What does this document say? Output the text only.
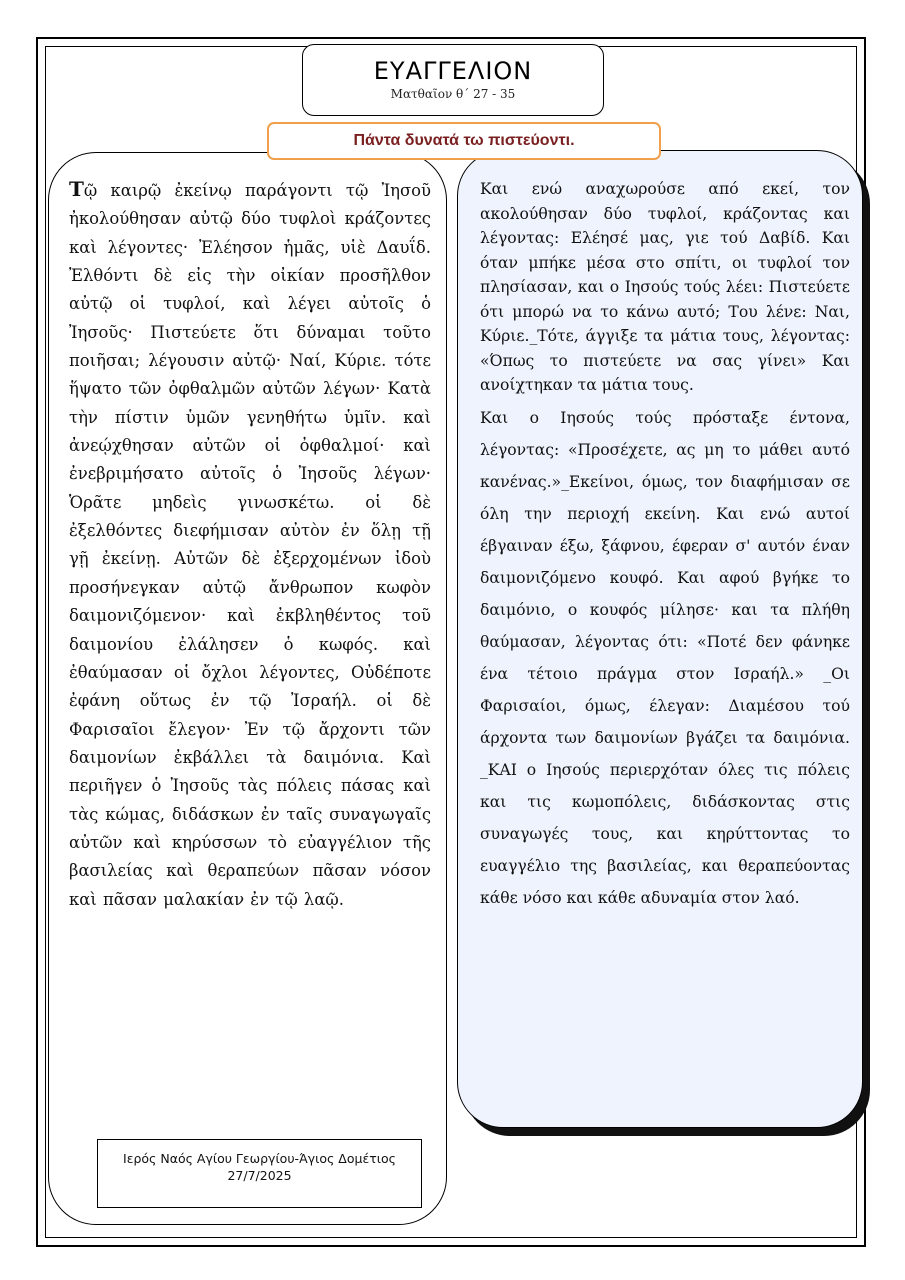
ΕΥΑΓΓΕΛΙΟΝ
Ματθαῖον θ΄ 27 - 35

Τῷ καιρῷ ἐκείνῳ παράγοντι τῷ Ἰησοῦ ἠκολούθησαν αὐτῷ δύο τυφλοὶ κράζοντες καὶ λέγοντες· Ἐλέησον ἡμᾶς, υἱὲ Δαυΐδ. Ἐλθόντι δὲ εἰς τὴν οἰκίαν προσῆλθον αὐτῷ οἱ τυφλοί, καὶ λέγει αὐτοῖς ὁ Ἰησοῦς· Πιστεύετε ὅτι δύναμαι τοῦτο ποιῆσαι; λέγουσιν αὐτῷ· Ναί, Κύριε. τότε ἥψατο τῶν ὀφθαλμῶν αὐτῶν λέγων· Κατὰ τὴν πίστιν ὑμῶν γενηθήτω ὑμῖν. καὶ ἀνεῴχθησαν αὐτῶν οἱ ὀφθαλμοί· καὶ ἐνεβριμήσατο αὐτοῖς ὁ Ἰησοῦς λέγων· Ὁρᾶτε μηδεὶς γινωσκέτω. οἱ δὲ ἐξελθόντες διεφήμισαν αὐτὸν ἐν ὅλῃ τῇ γῇ ἐκείνῃ. Αὐτῶν δὲ ἐξερχομένων ἰδοὺ προσήνεγκαν αὐτῷ ἄνθρωπον κωφὸν δαιμονιζόμενον· καὶ ἐκβληθέντος τοῦ δαιμονίου ἐλάλησεν ὁ κωφός. καὶ ἐθαύμασαν οἱ ὄχλοι λέγοντες, Οὐδέποτε ἐφάνη οὕτως ἐν τῷ Ἰσραήλ. οἱ δὲ Φαρισαῖοι ἔλεγον· Ἐν τῷ ἄρχοντι τῶν δαιμονίων ἐκβάλλει τὰ δαιμόνια. Καὶ περιῆγεν ὁ Ἰησοῦς τὰς πόλεις πάσας καὶ τὰς κώμας, διδάσκων ἐν ταῖς συναγωγαῖς αὐτῶν καὶ κηρύσσων τὸ εὐαγγέλιον τῆς βασιλείας καὶ θεραπεύων πᾶσαν νόσον καὶ πᾶσαν μαλακίαν ἐν τῷ λαῷ.

Και ενώ αναχωρούσε από εκεί, τον ακολούθησαν δύο τυφλοί, κράζοντας και λέγοντας: Ελέησέ μας, γιε τού Δαβίδ. Και όταν μπήκε μέσα στο σπίτι, οι τυφλοί τον πλησίασαν, και ο Ιησούς τούς λέει: Πιστεύετε ότι μπορώ να το κάνω αυτό; Του λένε: Ναι, Κύριε._Τότε, άγγιξε τα μάτια τους, λέγοντας: «Όπως το πιστεύετε να σας γίνει» Και ανοίχτηκαν τα μάτια τους.

Και ο Ιησούς τούς πρόσταξε έντονα, λέγοντας: «Προσέχετε, ας μη το μάθει αυτό κανένας.»_Εκείνοι, όμως, τον διαφήμισαν σε όλη την περιοχή εκείνη. Και ενώ αυτοί έβγαιναν έξω, ξάφνου, έφεραν σ' αυτόν έναν δαιμονιζόμενο κουφό. Και αφού βγήκε το δαιμόνιο, ο κουφός μίλησε· και τα πλήθη θαύμασαν, λέγοντας ότι: «Ποτέ δεν φάνηκε ένα τέτοιο πράγμα στον Ισραήλ.» _Οι Φαρισαίοι, όμως, έλεγαν: Διαμέσου τού άρχοντα των δαιμονίων βγάζει τα δαιμόνια. _ΚΑΙ ο Ιησούς περιερχόταν όλες τις πόλεις και τις κωμοπόλεις, διδάσκοντας στις συναγωγές τους, και κηρύττοντας το ευαγγέλιο της βασιλείας, και θεραπεύοντας κάθε νόσο και κάθε αδυναμία στον λαό.

Πάντα δυνατά τω πιστεύοντι.
Ιερός Ναός Αγίου Γεωργίου-Άγιος Δομέτιος
27/7/2025
